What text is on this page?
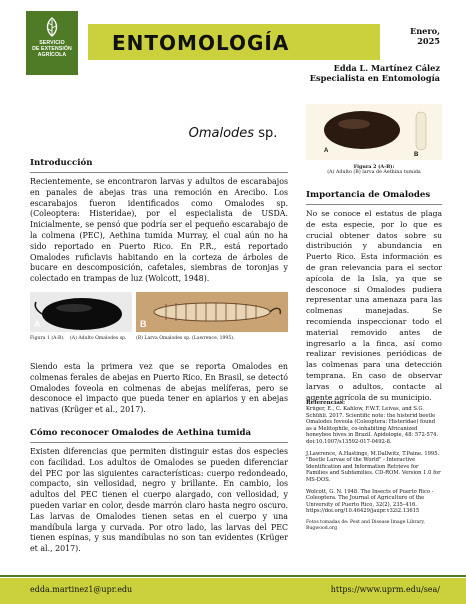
SERVICIO
DE EXTENSIÓN
AGRÍCOLA ENTOMOLOGÍA	Enero,
2025
Edda L. Martínez Cález
Especialista en Entomología
Omalodes sp.

Introducción

Recientemente, se encontraron larvas y adultos de escarabajos en panales de abejas tras una remoción en Arecibo. Los escarabajos fueron identificados como Omalodes sp. (Coleoptera: Histeridae), por el especialista de USDA. Inicialmente, se pensó que podría ser el pequeño escarabajo de la colmena (PEC), Aethina tumida Murray, el cual aún no ha sido reportado en Puerto Rico. En P.R., está reportado Omalodes ruficlavis habitando en la corteza de árboles de bucare en descomposición, cafetales, siembras de toronjas y colectado en trampas de luz (Wolcott, 1948).

A	B
Figura 1 (A-B). (A) Adulto Omalodes sp. (B) Larva Omalodes sp. (Lawrence, 1995).

Siendo esta la primera vez que se reporta Omalodes en colmenas ferales de abejas en Puerto Rico. En Brasil, se detectó Omalodes foveola en colmenas de abejas melíferas, pero se desconoce el impacto que pueda tener en apiarios y en abejas nativas (Krüger et al., 2017).

Cómo reconocer Omalodes de Aethina tumida

Existen diferencias que permiten distinguir estas dos especies con facilidad. Los adultos de Omalodes se pueden diferenciar del PEC por las siguientes características: cuerpo redondeado, compacto, sin vellosidad, negro y brillante. En cambio, los adultos del PEC tienen el cuerpo alargado, con vellosidad, y pueden variar en color, desde marrón claro hasta negro oscuro. Las larvas de Omalodes tienen setas en el cuerpo y una mandíbula larga y curvada. Por otro lado, las larvas del PEC tienen espinas, y sus mandíbulas no son tan evidentes (Krüger et al., 2017).

A
B
Figura 2 (A-B):
(A) Adulto (B) larva de Aethina tumida

Importancia de Omalodes

No se conoce el estatus de plaga de esta especie, por lo que es crucial obtener datos sobre su distribución y abundancia en Puerto Rico. Esta información es de gran relevancia para el sector apícola de la Isla, ya que se desconoce si Omalodes pudiera representar una amenaza para las colmenas manejadas. Se recomienda inspeccionar todo el material removido antes de ingresarlo a la finca, así como realizar revisiones periódicas de las colmenas para una detección temprana. En caso de observar larvas o adultos, contacte al agente agrícola de su municipio.

Referencias:

Krüger, E., C. Kahlow, F.W.T. Leivas, and S.G. Schühli. 2017. Scientific note: the histerid beetle Omalodes foveola (Coleoptera: Histeridae) found as a Melitophile, co-inhabiting Africanized honeybee hives in Brazil. Apidologie, 48: 572-574. doi:10.1007/s13592-017-0492-8.

J.Lawrence, A.Hastings, M.Dallwitz, T.Paine. 1995. "Beetle Larvae of the World" - Interactive Identification and Information Retrieve for Families and Subfamilies. CD-ROM. Version 1.0 for MS-DOS.

Wolcott, G. N. 1948. The Insects of Puerto Rico - Coleoptera. The Journal of Agriculture of the University of Puerto Rico, 32(2), 235–416. https://doi.org/10.46429/jaupr.v32i2.13615

Fotos tomadas de: Pest and Disease Image Library, Bugwood.org

edda.martinez1@upr.edu	https://www.uprm.edu/sea/
